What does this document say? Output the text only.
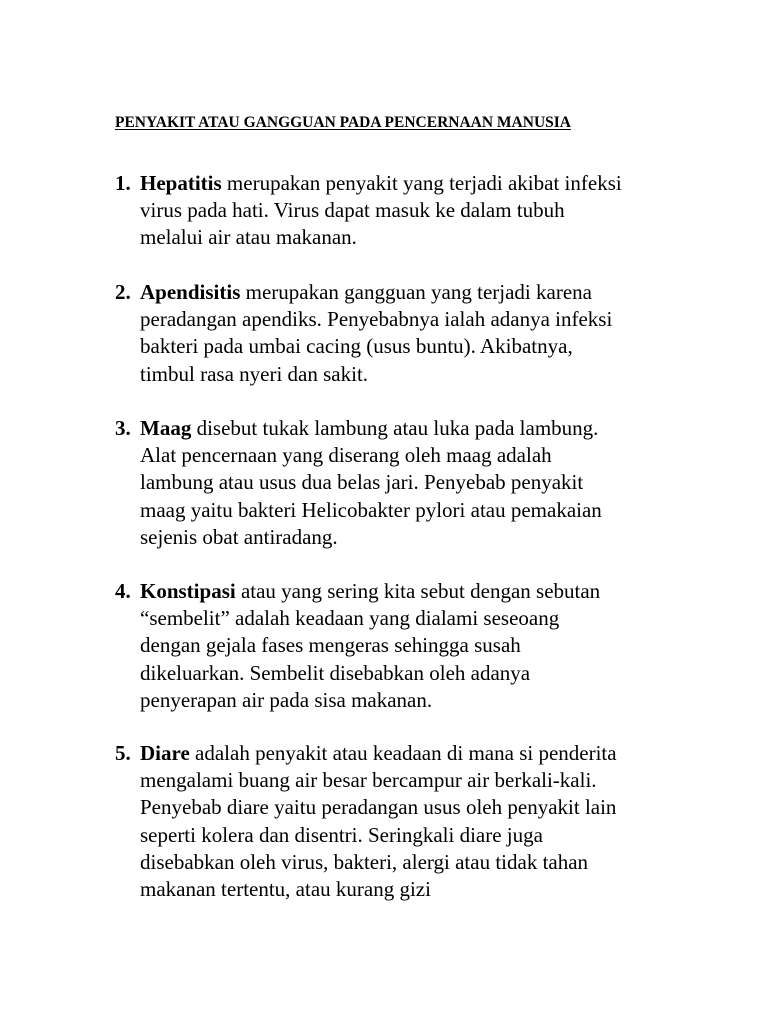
PENYAKIT ATAU GANGGUAN PADA PENCERNAAN MANUSIA
1. Hepatitis merupakan penyakit yang terjadi akibat infeksi
virus pada hati. Virus dapat masuk ke dalam tubuh
melalui air atau makanan.
2. Apendisitis merupakan gangguan yang terjadi karena
peradangan apendiks. Penyebabnya ialah adanya infeksi
bakteri pada umbai cacing (usus buntu). Akibatnya,
timbul rasa nyeri dan sakit.
3. Maag disebut tukak lambung atau luka pada lambung.
Alat pencernaan yang diserang oleh maag adalah
lambung atau usus dua belas jari. Penyebab penyakit
maag yaitu bakteri Helicobakter pylori atau pemakaian
sejenis obat antiradang.
4. Konstipasi atau yang sering kita sebut dengan sebutan
“sembelit” adalah keadaan yang dialami seseoang
dengan gejala fases mengeras sehingga susah
dikeluarkan. Sembelit disebabkan oleh adanya
penyerapan air pada sisa makanan.
5. Diare adalah penyakit atau keadaan di mana si penderita
mengalami buang air besar bercampur air berkali-kali.
Penyebab diare yaitu peradangan usus oleh penyakit lain
seperti kolera dan disentri. Seringkali diare juga
disebabkan oleh virus, bakteri, alergi atau tidak tahan
makanan tertentu, atau kurang gizi
